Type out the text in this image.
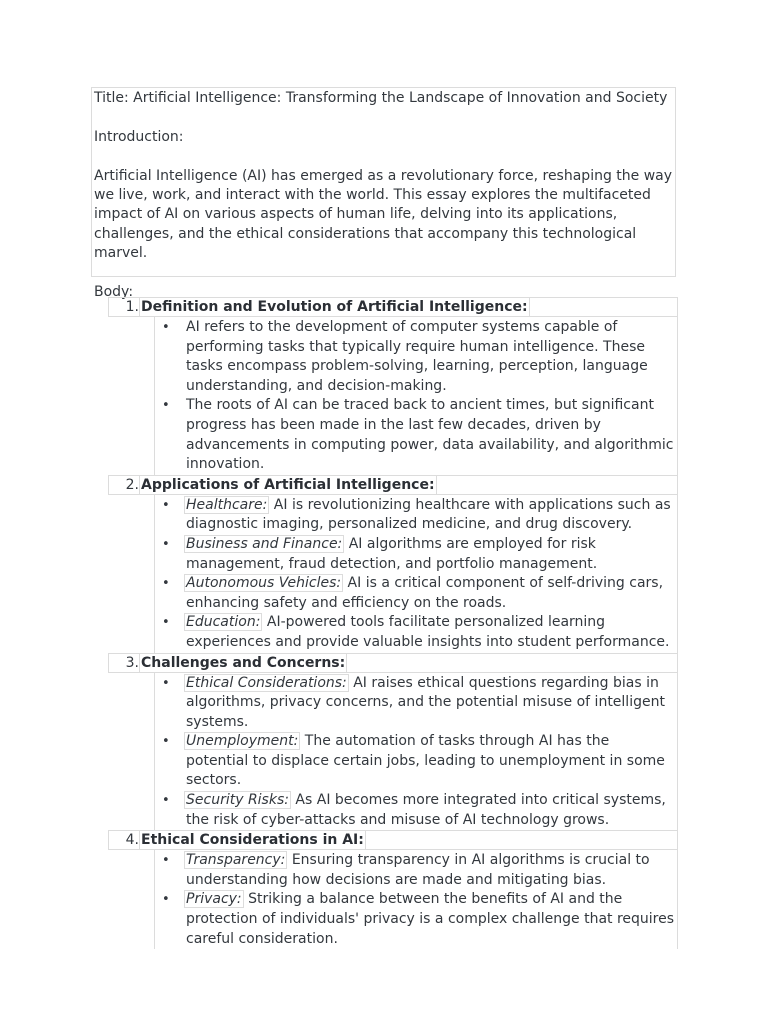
Title: Artificial Intelligence: Transforming the Landscape of Innovation and Society

Introduction:

Artificial Intelligence (AI) has emerged as a revolutionary force, reshaping the way we live, work, and interact with the world. This essay explores the multifaceted impact of AI on various aspects of human life, delving into its applications, challenges, and the ethical considerations that accompany this technological marvel.

Body:

1. Definition and Evolution of Artificial Intelligence:
• AI refers to the development of computer systems capable of performing tasks that typically require human intelligence. These tasks encompass problem-solving, learning, perception, language understanding, and decision-making.
• The roots of AI can be traced back to ancient times, but significant progress has been made in the last few decades, driven by advancements in computing power, data availability, and algorithmic innovation.
2. Applications of Artificial Intelligence:
• Healthcare: AI is revolutionizing healthcare with applications such as diagnostic imaging, personalized medicine, and drug discovery.
• Business and Finance: AI algorithms are employed for risk management, fraud detection, and portfolio management.
• Autonomous Vehicles: AI is a critical component of self-driving cars, enhancing safety and efficiency on the roads.
• Education: AI-powered tools facilitate personalized learning experiences and provide valuable insights into student performance.
3. Challenges and Concerns:
• Ethical Considerations: AI raises ethical questions regarding bias in algorithms, privacy concerns, and the potential misuse of intelligent systems.
• Unemployment: The automation of tasks through AI has the potential to displace certain jobs, leading to unemployment in some sectors.
• Security Risks: As AI becomes more integrated into critical systems, the risk of cyber-attacks and misuse of AI technology grows.
4. Ethical Considerations in AI:
• Transparency: Ensuring transparency in AI algorithms is crucial to understanding how decisions are made and mitigating bias.
• Privacy: Striking a balance between the benefits of AI and the protection of individuals' privacy is a complex challenge that requires careful consideration.
